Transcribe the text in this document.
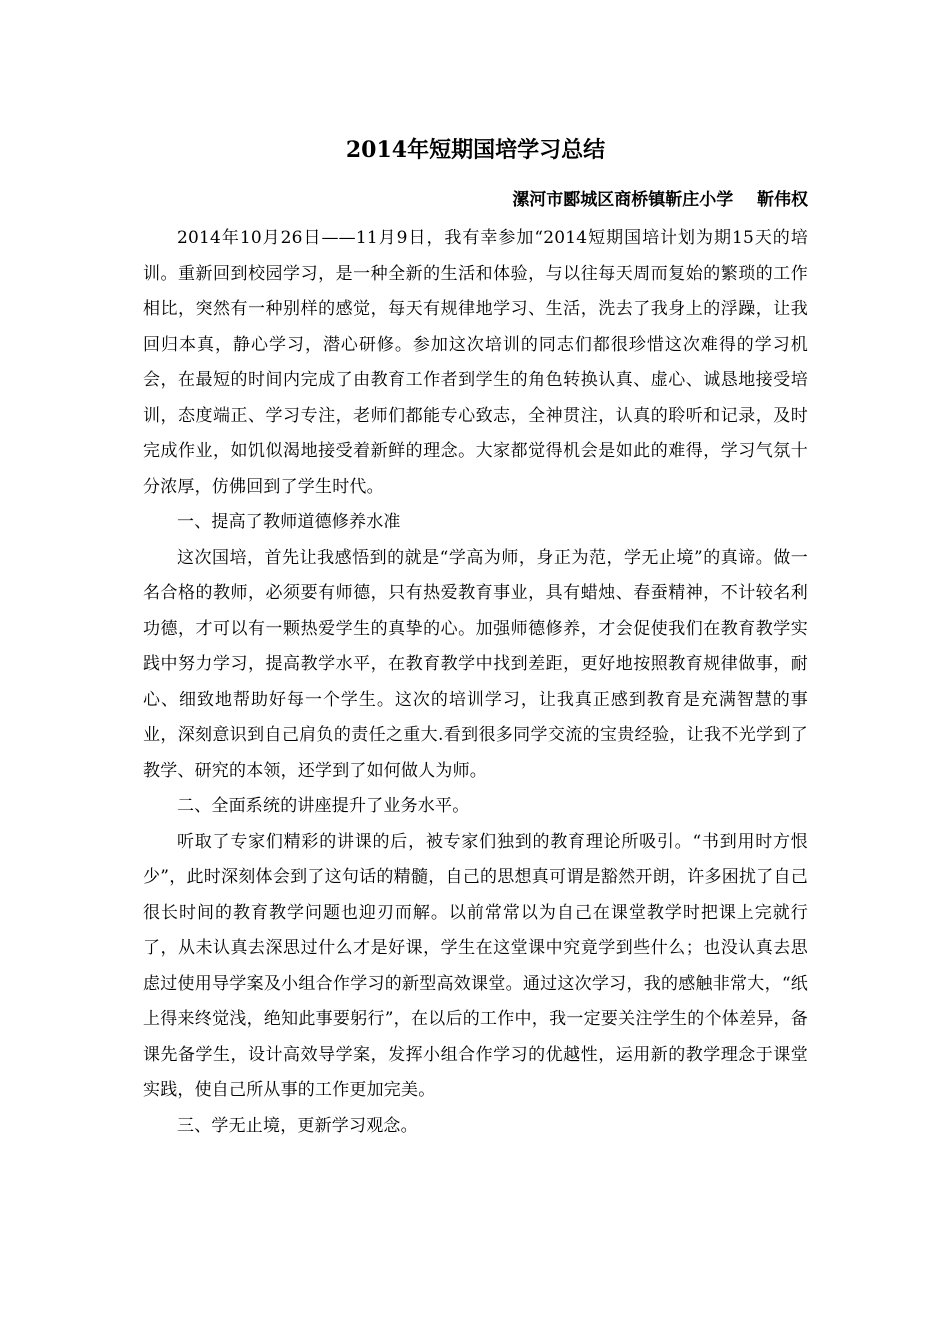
2014年短期国培学习总结

漯河市郾城区商桥镇靳庄小学    靳伟权

2014年10月26日——11月9日，我有幸参加“2014短期国培计划为期15天的培训。重新回到校园学习，是一种全新的生活和体验，与以往每天周而复始的繁琐的工作相比，突然有一种别样的感觉，每天有规律地学习、生活，洗去了我身上的浮躁，让我回归本真，静心学习，潜心研修。参加这次培训的同志们都很珍惜这次难得的学习机会，在最短的时间内完成了由教育工作者到学生的角色转换认真、虚心、诚恳地接受培训，态度端正、学习专注，老师们都能专心致志，全神贯注，认真的聆听和记录，及时完成作业，如饥似渴地接受着新鲜的理念。大家都觉得机会是如此的难得，学习气氛十分浓厚，仿佛回到了学生时代。

一、提高了教师道德修养水准

这次国培，首先让我感悟到的就是“学高为师，身正为范，学无止境”的真谛。做一名合格的教师，必须要有师德，只有热爱教育事业，具有蜡烛、春蚕精神，不计较名利功德，才可以有一颗热爱学生的真挚的心。加强师德修养，才会促使我们在教育教学实践中努力学习，提高教学水平，在教育教学中找到差距，更好地按照教育规律做事，耐心、细致地帮助好每一个学生。这次的培训学习，让我真正感到教育是充满智慧的事业，深刻意识到自己肩负的责任之重大.看到很多同学交流的宝贵经验，让我不光学到了教学、研究的本领，还学到了如何做人为师。

二、全面系统的讲座提升了业务水平。

听取了专家们精彩的讲课的后，被专家们独到的教育理论所吸引。“书到用时方恨少”，此时深刻体会到了这句话的精髓，自己的思想真可谓是豁然开朗，许多困扰了自己很长时间的教育教学问题也迎刃而解。以前常常以为自己在课堂教学时把课上完就行了，从未认真去深思过什么才是好课，学生在这堂课中究竟学到些什么；也没认真去思虑过使用导学案及小组合作学习的新型高效课堂。通过这次学习，我的感触非常大，“纸上得来终觉浅，绝知此事要躬行”，在以后的工作中，我一定要关注学生的个体差异，备课先备学生，设计高效导学案，发挥小组合作学习的优越性，运用新的教学理念于课堂实践，使自己所从事的工作更加完美。

三、学无止境，更新学习观念。
